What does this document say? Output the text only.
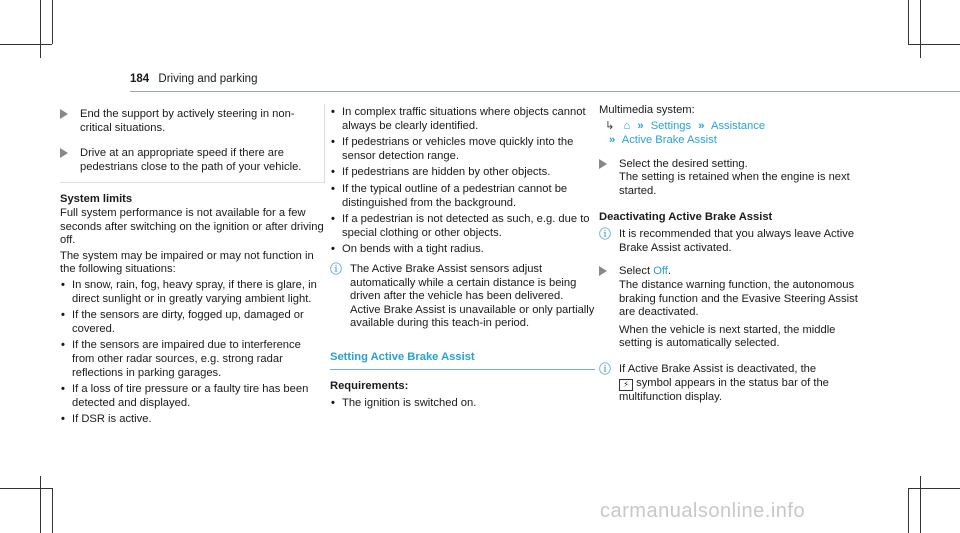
184 Driving and parking
End the support by actively steering in non-critical situations.
Drive at an appropriate speed if there are pedestrians close to the path of your vehicle.
System limits

Full system performance is not available for a few seconds after switching on the ignition or after driving off.

The system may be impaired or may not function in the following situations:

• In snow, rain, fog, heavy spray, if there is glare, in direct sunlight or in greatly varying ambient light.
• If the sensors are dirty, fogged up, damaged or covered.
• If the sensors are impaired due to interference from other radar sources, e.g. strong radar reflections in parking garages.
• If a loss of tire pressure or a faulty tire has been detected and displayed.
• If DSR is active.
• In complex traffic situations where objects cannot always be clearly identified.
• If pedestrians or vehicles move quickly into the sensor detection range.
• If pedestrians are hidden by other objects.
• If the typical outline of a pedestrian cannot be distinguished from the background.
• If a pedestrian is not detected as such, e.g. due to special clothing or other objects.
• On bends with a tight radius.
ⓘ The Active Brake Assist sensors adjust automatically while a certain distance is being driven after the vehicle has been delivered. Active Brake Assist is unavailable or only partially available during this teach-in period.
Setting Active Brake Assist
Requirements:
• The ignition is switched on.

Multimedia system:

↳ ⌂ » Settings » Assistance
» Active Brake Assist
Select the desired setting.
The setting is retained when the engine is next started.
Deactivating Active Brake Assist
ⓘ It is recommended that you always leave Active Brake Assist activated.
Select Off.
The distance warning function, the autonomous braking function and the Evasive Steering Assist are deactivated.
When the vehicle is next started, the middle setting is automatically selected.
ⓘ If Active Brake Assist is deactivated, the
⚡ symbol appears in the status bar of the multifunction display.
carmanualsonline.info
